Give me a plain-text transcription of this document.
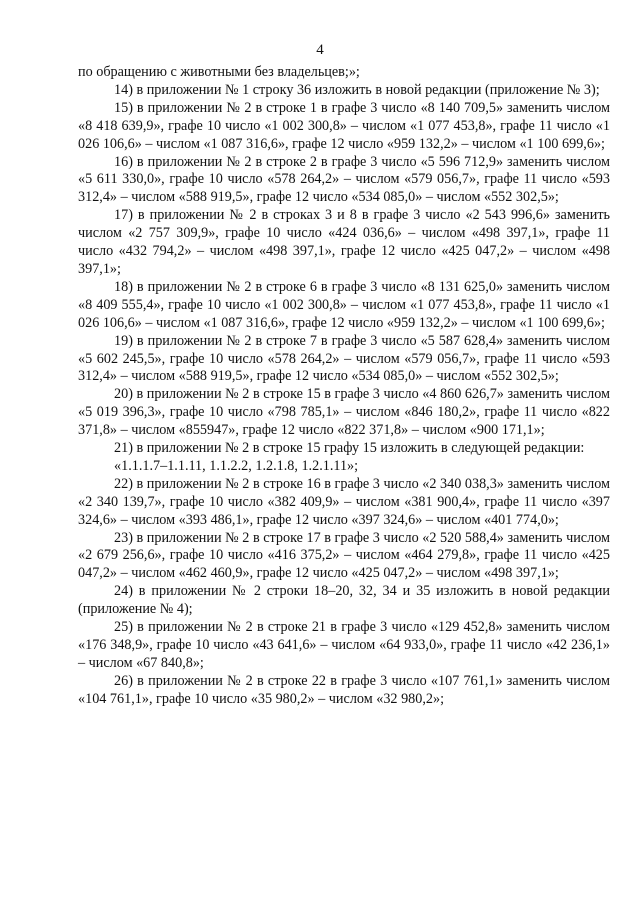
4

по обращению с животными без владельцев;»;

14) в приложении № 1 строку 36 изложить в новой редакции (приложение № 3);

15) в приложении № 2 в строке 1 в графе 3 число «8 140 709,5» заменить числом «8 418 639,9», графе 10 число «1 002 300,8» – числом «1 077 453,8», графе 11 число «1 026 106,6» – числом «1 087 316,6», графе 12 число «959 132,2» – числом «1 100 699,6»;

16) в приложении № 2 в строке 2 в графе 3 число «5 596 712,9» заменить числом «5 611 330,0», графе 10 число «578 264,2» – числом «579 056,7», графе 11 число «593 312,4» – числом «588 919,5», графе 12 число «534 085,0» – числом «552 302,5»;

17) в приложении № 2 в строках 3 и 8 в графе 3 число «2 543 996,6» заменить числом «2 757 309,9», графе 10 число «424 036,6» – числом «498 397,1», графе 11 число «432 794,2» – числом «498 397,1», графе 12 число «425 047,2» – числом «498 397,1»;

18) в приложении № 2 в строке 6 в графе 3 число «8 131 625,0» заменить числом «8 409 555,4», графе 10 число «1 002 300,8» – числом «1 077 453,8», графе 11 число «1 026 106,6» – числом «1 087 316,6», графе 12 число «959 132,2» – числом «1 100 699,6»;

19) в приложении № 2 в строке 7 в графе 3 число «5 587 628,4» заменить числом «5 602 245,5», графе 10 число «578 264,2» – числом «579 056,7», графе 11 число «593 312,4» – числом «588 919,5», графе 12 число «534 085,0» – числом «552 302,5»;

20) в приложении № 2 в строке 15 в графе 3 число «4 860 626,7» заменить числом «5 019 396,3», графе 10 число «798 785,1» – числом «846 180,2», графе 11 число «822 371,8» – числом «855947», графе 12 число «822 371,8» – числом «900 171,1»;

21) в приложении № 2 в строке 15 графу 15 изложить в следующей редакции:

«1.1.1.7–1.1.11, 1.1.2.2, 1.2.1.8, 1.2.1.11»;

22) в приложении № 2 в строке 16 в графе 3 число «2 340 038,3» заменить числом «2 340 139,7», графе 10 число «382 409,9» – числом «381 900,4», графе 11 число «397 324,6» – числом «393 486,1», графе 12 число «397 324,6» – числом «401 774,0»;

23) в приложении № 2 в строке 17 в графе 3 число «2 520 588,4» заменить числом «2 679 256,6», графе 10 число «416 375,2» – числом «464 279,8», графе 11 число «425 047,2» – числом «462 460,9», графе 12 число «425 047,2» – числом «498 397,1»;

24) в приложении № 2 строки 18–20, 32, 34 и 35 изложить в новой редакции (приложение № 4);

25) в приложении № 2 в строке 21 в графе 3 число «129 452,8» заменить числом «176 348,9», графе 10 число «43 641,6» – числом «64 933,0», графе 11 число «42 236,1» – числом «67 840,8»;

26) в приложении № 2 в строке 22 в графе 3 число «107 761,1» заменить числом «104 761,1», графе 10 число «35 980,2» – числом «32 980,2»;
